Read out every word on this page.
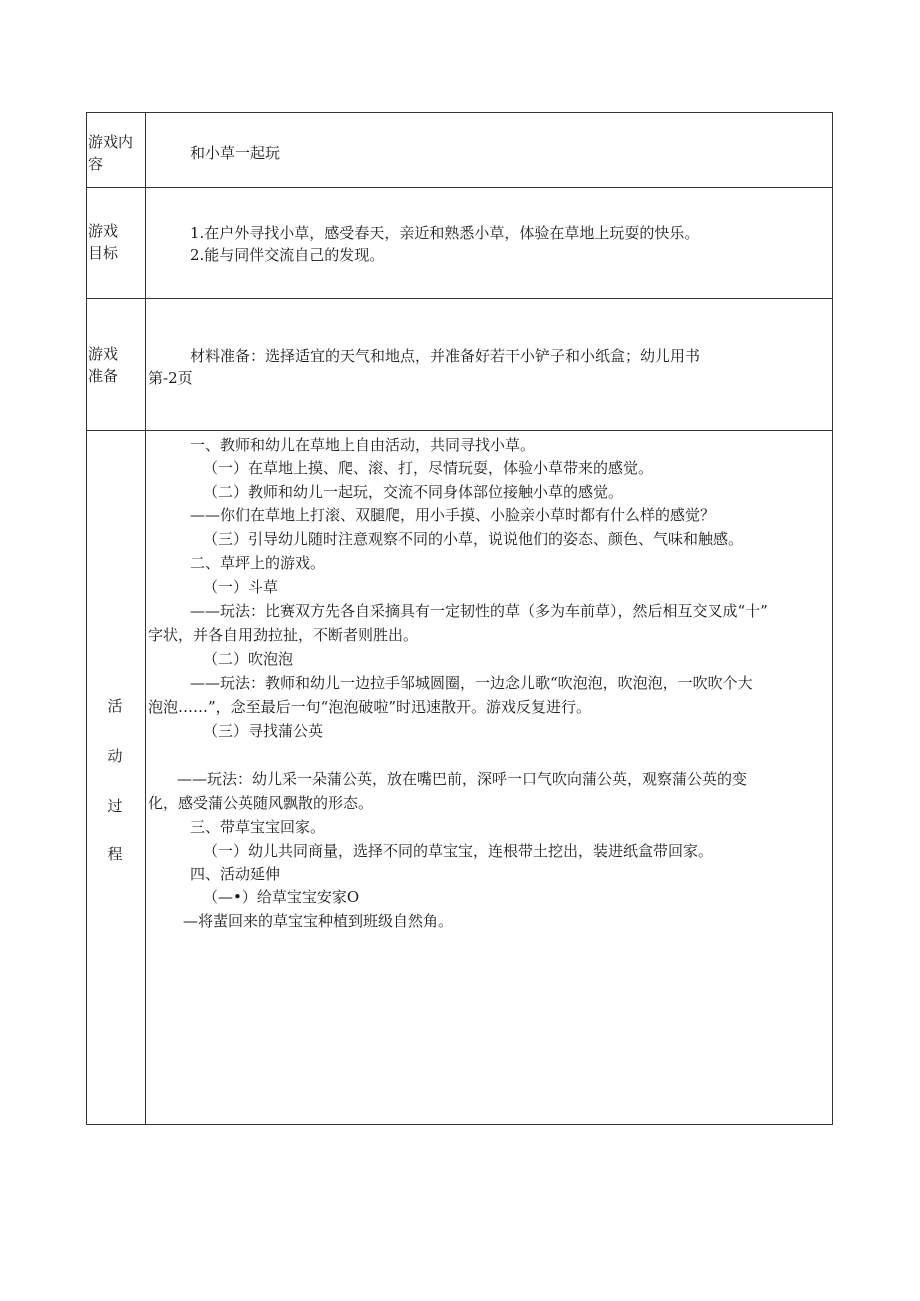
游戏内
容
和小草一起玩
游戏
目标
1.在户外寻找小草，感受春天，亲近和熟悉小草，体验在草地上玩耍的快乐。
2.能与同伴交流自己的发现。
游戏
准备
材料准备：选择适宜的天气和地点，并准备好若干小铲子和小纸盒；幼儿用书
第-2页
活
动
过
程
一、教师和幼儿在草地上自由活动，共同寻找小草。
（一）在草地上摸、爬、滚、打，尽情玩耍，体验小草带来的感觉。
（二）教师和幼儿一起玩，交流不同身体部位接触小草的感觉。
——你们在草地上打滚、双腿爬，用小手摸、小脸亲小草时都有什么样的感觉？
（三）引导幼儿随时注意观察不同的小草，说说他们的姿态、颜色、气味和触感。
二、草坪上的游戏。
（一）斗草
——玩法：比赛双方先各自采摘具有一定韧性的草（多为车前草），然后相互交叉成“十”
字状，并各自用劲拉扯，不断者则胜出。
（二）吹泡泡
——玩法：教师和幼儿一边拉手邹城圆圈，一边念儿歌“吹泡泡，吹泡泡，一吹吹个大
泡泡……”，念至最后一句“泡泡破啦”时迅速散开。游戏反复进行。
（三）寻找蒲公英
——玩法：幼儿采一朵蒲公英，放在嘴巴前，深呼一口气吹向蒲公英，观察蒲公英的变
化，感受蒲公英随风飘散的形态。
三、带草宝宝回家。
（一）幼儿共同商量，选择不同的草宝宝，连根带土挖出，装进纸盒带回家。
四、活动延伸
（—•）给草宝宝安家O
—将蜚回来的草宝宝种植到班级自然角。
